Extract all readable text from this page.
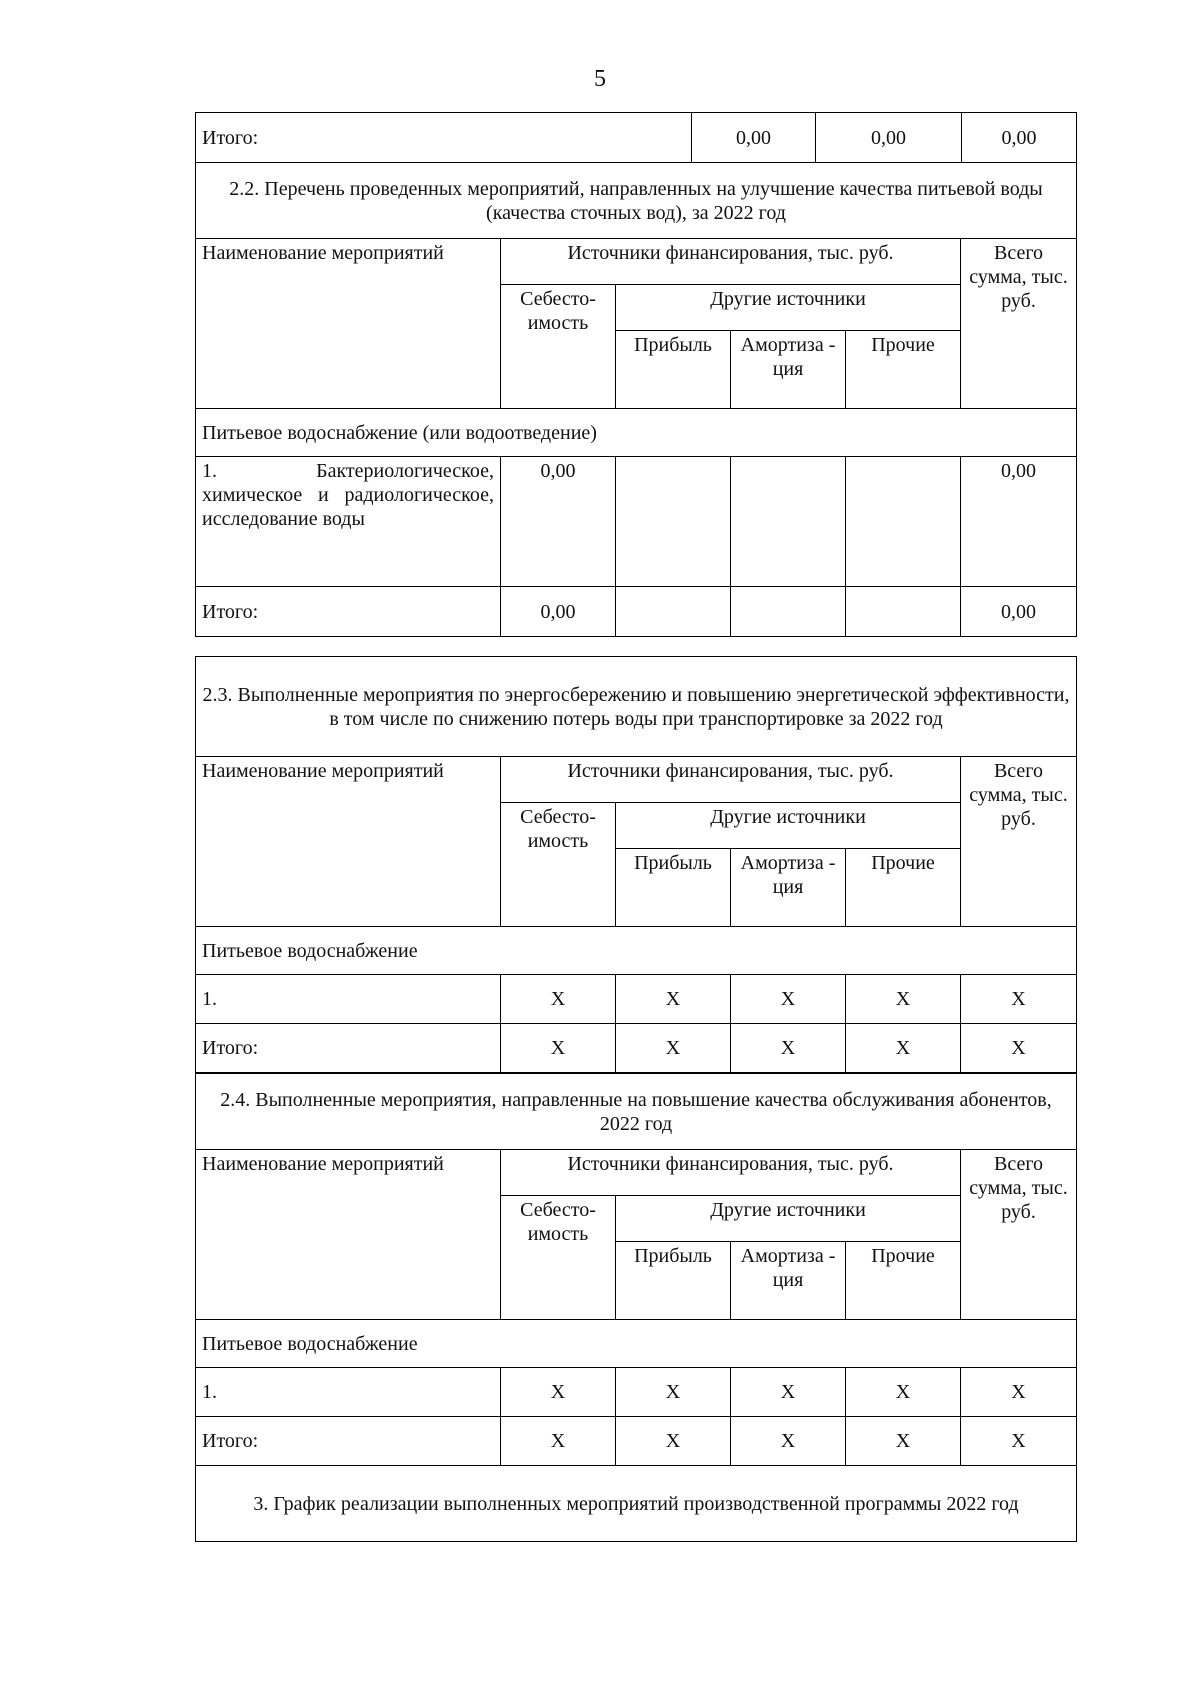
5
Итого:	0,00	0,00	0,00
2.2. Перечень проведенных мероприятий, направленных на улучшение качества питьевой воды (качества сточных вод), за 2022 год					
Наименование мероприятий	Источники финансирования, тыс. руб.				Всего сумма, тыс. руб.
	Себесто-имость	Другие источники			
		Прибыль	Амортиза - ция	Прочие	
Питьевое водоснабжение (или водоотведение)					
1. Бактериологическое, химическое и радиологическое, исследование воды	0,00				0,00
Итого:	0,00				0,00
2.3. Выполненные мероприятия по энергосбережению и повышению энергетической эффективности, в том числе по снижению потерь воды при транспортировке за 2022 год					
Наименование мероприятий	Источники финансирования, тыс. руб.				Всего сумма, тыс. руб.
	Себесто-имость	Другие источники			
		Прибыль	Амортиза - ция	Прочие	
Питьевое водоснабжение					
1.	Х	Х	Х	Х	Х
Итого:	Х	Х	Х	Х	Х
2.4. Выполненные мероприятия, направленные на повышение качества обслуживания абонентов, 2022 год					
Наименование мероприятий	Источники финансирования, тыс. руб.				Всего сумма, тыс. руб.
	Себесто-имость	Другие источники			
		Прибыль	Амортиза - ция	Прочие	
Питьевое водоснабжение					
1.	Х	Х	Х	Х	Х
Итого:	Х	Х	Х	Х	Х
3. График реализации выполненных мероприятий производственной программы 2022 год
